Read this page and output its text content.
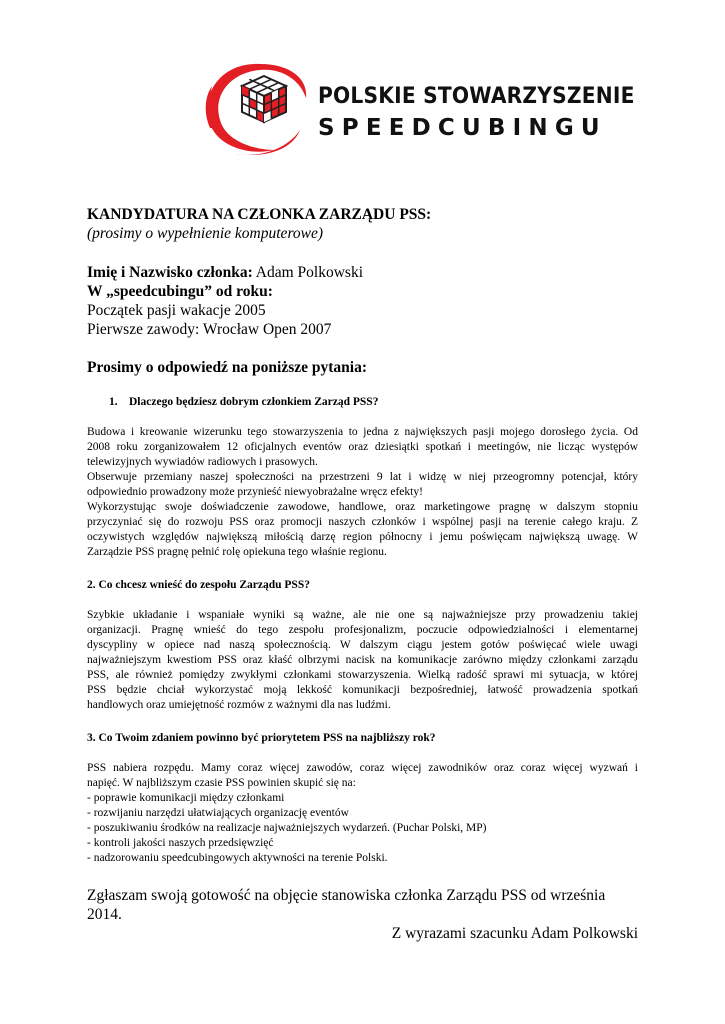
POLSKIE STOWARZYSZENIE
SPEEDCUBINGU

KANDYDATURA NA CZŁONKA ZARZĄDU PSS:

(prosimy o wypełnienie komputerowe)

Imię i Nazwisko członka: Adam Polkowski
W „speedcubingu” od roku:
Początek pasji wakacje 2005
Pierwsze zawody: Wrocław Open 2007
Prosimy o odpowiedź na poniższe pytania:
1. Dlaczego będziesz dobrym członkiem Zarząd PSS?
Budowa i kreowanie wizerunku tego stowarzyszenia to jedna z największych pasji mojego dorosłego życia. Od
2008 roku zorganizowałem 12 oficjalnych eventów oraz dziesiątki spotkań i meetingów, nie licząc występów
telewizyjnych wywiadów radiowych i prasowych.
Obserwuje przemiany naszej społeczności na przestrzeni 9 lat i widzę w niej przeogromny potencjał, który
odpowiednio prowadzony może przynieść niewyobrażalne wręcz efekty!
Wykorzystując swoje doświadczenie zawodowe, handlowe, oraz marketingowe pragnę w dalszym stopniu
przyczyniać się do rozwoju PSS oraz promocji naszych członków i wspólnej pasji na terenie całego kraju. Z
oczywistych względów największą miłością darzę region północny i jemu poświęcam największą uwagę. W
Zarządzie PSS pragnę pełnić rolę opiekuna tego właśnie regionu.
2. Co chcesz wnieść do zespołu Zarządu PSS?
Szybkie układanie i wspaniałe wyniki są ważne, ale nie one są najważniejsze przy prowadzeniu takiej
organizacji. Pragnę wnieść do tego zespołu profesjonalizm, poczucie odpowiedzialności i elementarnej
dyscypliny w opiece nad naszą społecznością. W dalszym ciągu jestem gotów poświęcać wiele uwagi
najważniejszym kwestiom PSS oraz kłaść olbrzymi nacisk na komunikacje zarówno między członkami zarządu
PSS, ale również pomiędzy zwykłymi członkami stowarzyszenia. Wielką radość sprawi mi sytuacja, w której
PSS będzie chciał wykorzystać moją lekkość komunikacji bezpośredniej, łatwość prowadzenia spotkań
handlowych oraz umiejętność rozmów z ważnymi dla nas ludźmi.
3. Co Twoim zdaniem powinno być priorytetem PSS na najbliższy rok?
PSS nabiera rozpędu. Mamy coraz więcej zawodów, coraz więcej zawodników oraz coraz więcej wyzwań i
napięć. W najbliższym czasie PSS powinien skupić się na:
- poprawie komunikacji między członkami
- rozwijaniu narzędzi ułatwiających organizację eventów
- poszukiwaniu środków na realizacje najważniejszych wydarzeń. (Puchar Polski, MP)
- kontroli jakości naszych przedsięwzięć
- nadzorowaniu speedcubingowych aktywności na terenie Polski.
Zgłaszam swoją gotowość na objęcie stanowiska członka Zarządu PSS od września 2014.
Z wyrazami szacunku Adam Polkowski
